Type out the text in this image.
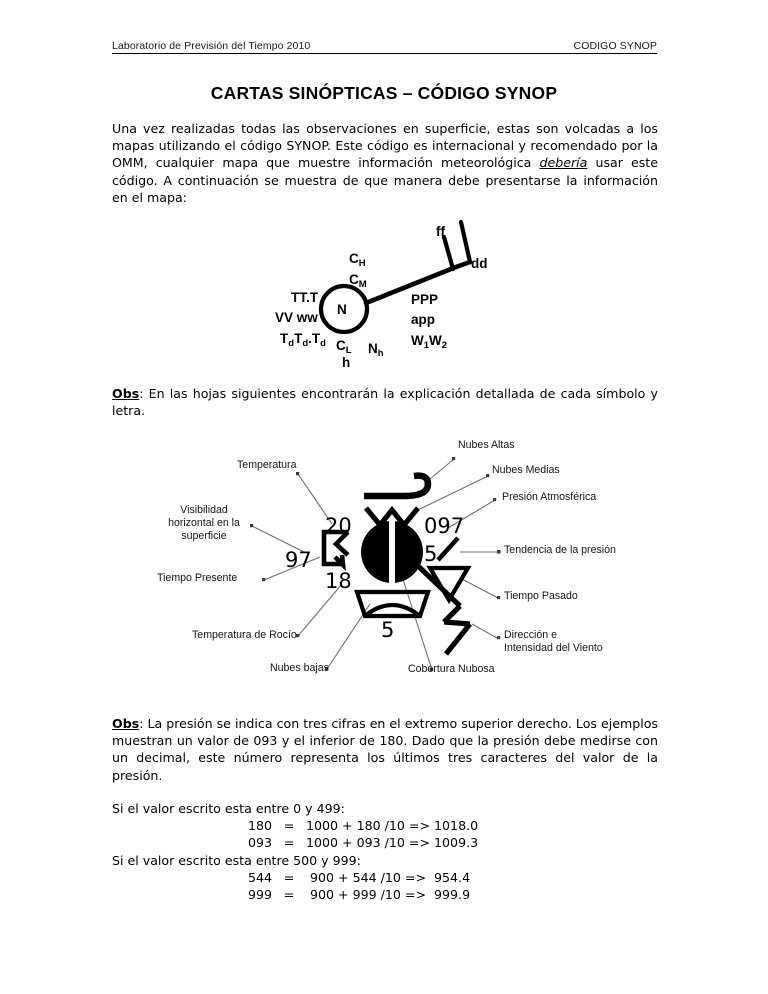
Laboratorio de Previsión del Tiempo 2010	CODIGO SYNOP
CARTAS SINÓPTICAS – CÓDIGO SYNOP
Una vez realizadas todas las observaciones en superficie, estas son volcadas a los mapas utilizando el código SYNOP. Este código es internacional y recomendado por la OMM, cualquier mapa que muestre información meteorológica debería usar este código. A continuación se muestra de que manera debe presentarse la información en el mapa:
N
$C_H$
$C_M$
TT.T
VV ww
$T_dT_d.T_d$ $C_L$ $N_h$
h
PPP
app
$W_1W_2$
ff
dd
Obs: En las hojas siguientes encontrarán la explicación detallada de cada símbolo y letra.
20
97
18
097
5
5
Temperatura
Visibilidad
horizontal en la
superficie
Tiempo Presente
Temperatura de Rocío
Nubes bajas	Cobertura Nubosa
Nubes Altas
Nubes Medias
Presión Atmosférica
Tendencia de la presión
Tiempo Pasado
Dirección e
Intensidad del Viento
Obs: La presión se indica con tres cifras en el extremo superior derecho. Los ejemplos muestran un valor de 093 y el inferior de 180. Dado que la presión debe medirse con un decimal, este número representa los últimos tres caracteres del valor de la presión.
Si el valor escrito esta entre 0 y 499:
180 = 1000 + 180 /10 => 1018.0
093 = 1000 + 093 /10 => 1009.3
Si el valor escrito esta entre 500 y 999:
544 = 900 + 544 /10 =>  954.4
999 = 900 + 999 /10 =>  999.9
